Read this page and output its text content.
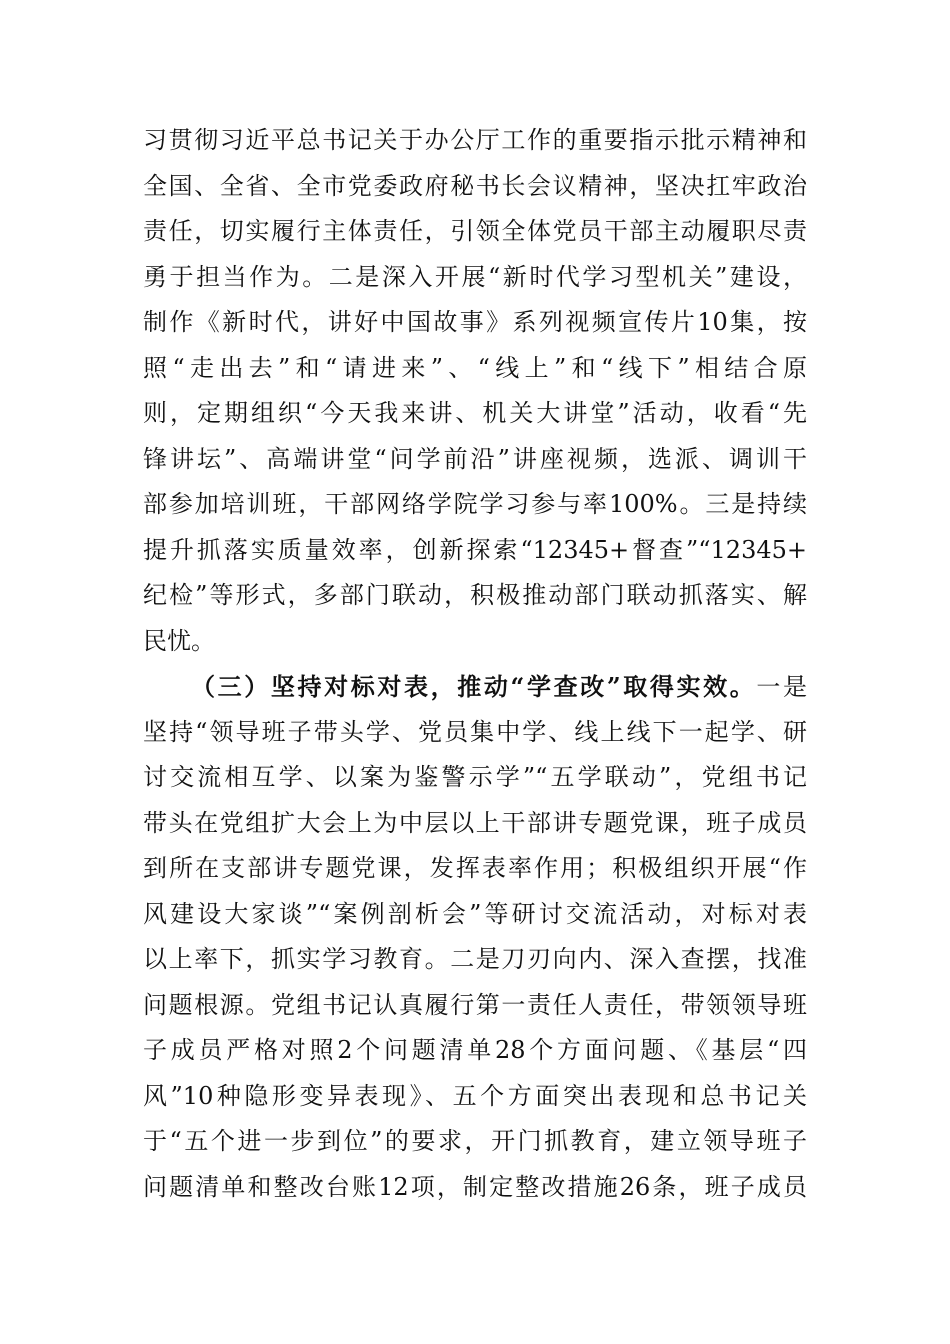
习贯彻习近平总书记关于办公厅工作的重要指示批示精神和
全国、全省、全市党委政府秘书长会议精神，坚决扛牢政治
责任，切实履行主体责任，引领全体党员干部主动履职尽责
勇于担当作为。二是深入开展“新时代学习型机关”建设，
制作《新时代，讲好中国故事》系列视频宣传片10集，按
照“走出去”和“请进来”、“线上”和“线下”相结合原
则，定期组织“今天我来讲、机关大讲堂”活动，收看“先
锋讲坛”、高端讲堂“问学前沿”讲座视频，选派、调训干
部参加培训班，干部网络学院学习参与率100%。三是持续
提升抓落实质量效率，创新探索“12345+督查”“12345+
纪检”等形式，多部门联动，积极推动部门联动抓落实、解
民忧。
（三）坚持对标对表，推动“学查改”取得实效。一是
坚持“领导班子带头学、党员集中学、线上线下一起学、研
讨交流相互学、以案为鉴警示学”“五学联动”，党组书记
带头在党组扩大会上为中层以上干部讲专题党课，班子成员
到所在支部讲专题党课，发挥表率作用；积极组织开展“作
风建设大家谈”“案例剖析会”等研讨交流活动，对标对表
以上率下，抓实学习教育。二是刀刃向内、深入查摆，找准
问题根源。党组书记认真履行第一责任人责任，带领领导班
子成员严格对照2个问题清单28个方面问题、《基层“四
风”10种隐形变异表现》、五个方面突出表现和总书记关
于“五个进一步到位”的要求，开门抓教育，建立领导班子
问题清单和整改台账12项，制定整改措施26条，班子成员
